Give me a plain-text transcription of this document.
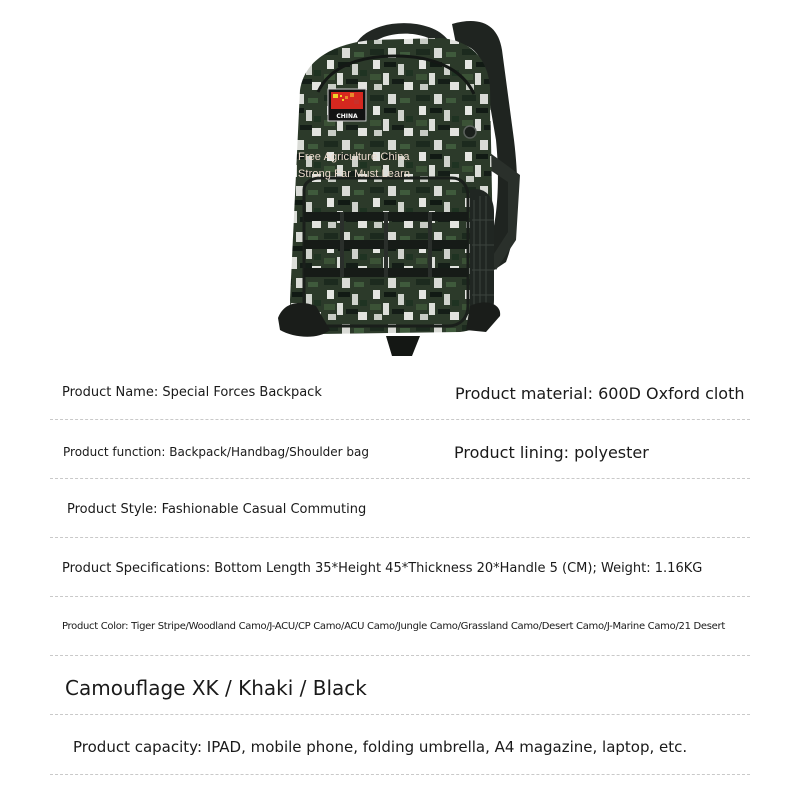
CHINA
Free Agriculture China
Strong Far Must Learn
Product Name: Special Forces Backpack	Product material: 600D Oxford cloth
Product function: Backpack/Handbag/Shoulder bag	Product lining: polyester
Product Style: Fashionable Casual Commuting
Product Specifications: Bottom Length 35*Height 45*Thickness 20*Handle 5 (CM); Weight: 1.16KG
Product Color: Tiger Stripe/Woodland Camo/J-ACU/CP Camo/ACU Camo/Jungle Camo/Grassland Camo/Desert Camo/J-Marine Camo/21 Desert
Camouflage XK / Khaki / Black
Product capacity: IPAD, mobile phone, folding umbrella, A4 magazine, laptop, etc.
